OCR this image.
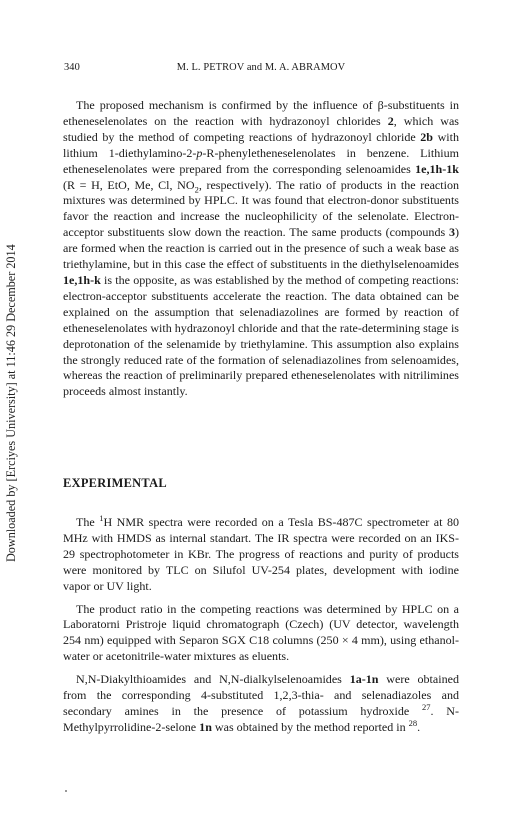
Downloaded by [Erciyes University] at 11:46 29 December 2014
340	M. L. PETROV and M. A. ABRAMOV

The proposed mechanism is confirmed by the influence of β-substituents in etheneselenolates on the reaction with hydrazonoyl chlorides 2, which was studied by the method of competing reactions of hydrazonoyl chloride 2b with lithium 1-diethylamino-2-p-R-phenyletheneselenolates in benzene. Lithium etheneselenolates were prepared from the corresponding selenoamides 1e,1h-1k (R = H, EtO, Me, Cl, $NO_2$, respectively). The ratio of products in the reaction mixtures was determined by HPLC. It was found that electron-donor substituents favor the reaction and increase the nucleophilicity of the selenolate. Electron-acceptor substituents slow down the reaction. The same products (compounds 3) are formed when the reaction is carried out in the presence of such a weak base as triethylamine, but in this case the effect of substituents in the diethylselenoamides 1e,1h-k is the opposite, as was established by the method of competing reactions: electron-acceptor substituents accelerate the reaction. The data obtained can be explained on the assumption that selenadiazolines are formed by reaction of etheneselenolates with hydrazonoyl chloride and that the rate-determining stage is deprotonation of the selenamide by triethylamine. This assumption also explains the strongly reduced rate of the formation of selenadiazolines from selenoamides, whereas the reaction of preliminarily prepared etheneselenolates with nitrilimines proceeds almost instantly.

EXPERIMENTAL

The $^1$H NMR spectra were recorded on a Tesla BS-487C spectrometer at 80 MHz with HMDS as internal standart. The IR spectra were recorded on an IKS-29 spectrophotometer in KBr. The progress of reactions and purity of products were monitored by TLC on Silufol UV-254 plates, development with iodine vapor or UV light.

The product ratio in the competing reactions was determined by HPLC on a Laboratorni Pristroje liquid chromatograph (Czech) (UV detector, wavelength 254 nm) equipped with Separon SGX C18 columns (250 × 4 mm), using ethanol-water or acetonitrile-water mixtures as eluents.

N,N-Diakylthioamides and N,N-dialkylselenoamides 1a-1n were obtained from the corresponding 4-substituted 1,2,3-thia- and selenadiazoles and secondary amines in the presence of potassium hydroxide $^{27}$. N-Methylpyrrolidine-2-selone 1n was obtained by the method reported in $^{28}$.
